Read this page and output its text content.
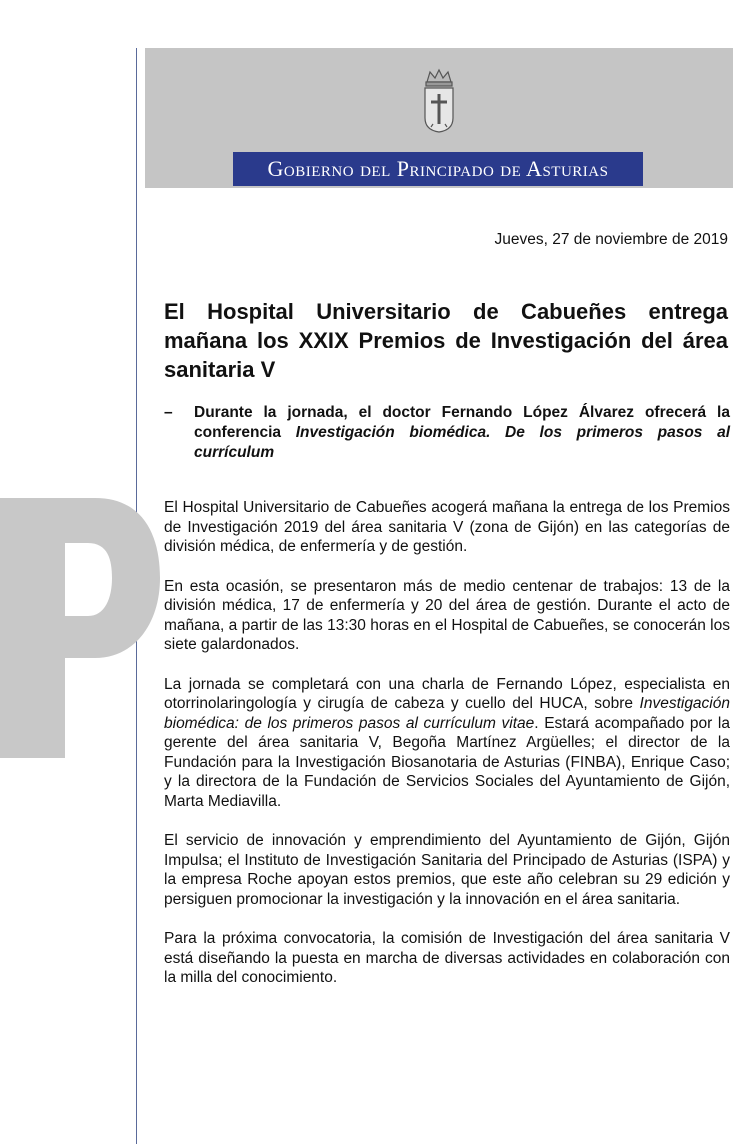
Gobierno del Principado de Asturias
Jueves, 27 de noviembre de 2019
El Hospital Universitario de Cabueñes entrega mañana los XXIX Premios de Investigación del área sanitaria V
–	Durante la jornada, el doctor Fernando López Álvarez ofrecerá la conferencia Investigación biomédica. De los primeros pasos al currículum

El Hospital Universitario de Cabueñes acogerá mañana la entrega de los Premios de Investigación 2019 del área sanitaria V (zona de Gijón) en las categorías de división médica, de enfermería y de gestión.

En esta ocasión, se presentaron más de medio centenar de trabajos: 13 de la división médica, 17 de enfermería y 20 del área de gestión. Durante el acto de mañana, a partir de las 13:30 horas en el Hospital de Cabueñes, se conocerán los siete galardonados.

La jornada se completará con una charla de Fernando López, especialista en otorrinolaringología y cirugía de cabeza y cuello del HUCA, sobre Investigación biomédica: de los primeros pasos al currículum vitae. Estará acompañado por la gerente del área sanitaria V, Begoña Martínez Argüelles; el director de la Fundación para la Investigación Biosanotaria de Asturias (FINBA), Enrique Caso; y la directora de la Fundación de Servicios Sociales del Ayuntamiento de Gijón, Marta Mediavilla.

El servicio de innovación y emprendimiento del Ayuntamiento de Gijón, Gijón Impulsa; el Instituto de Investigación Sanitaria del Principado de Asturias (ISPA) y la empresa Roche apoyan estos premios, que este año celebran su 29 edición y persiguen promocionar la investigación y la innovación en el área sanitaria.

Para la próxima convocatoria, la comisión de Investigación del área sanitaria V está diseñando la puesta en marcha de diversas actividades en colaboración con la milla del conocimiento.
